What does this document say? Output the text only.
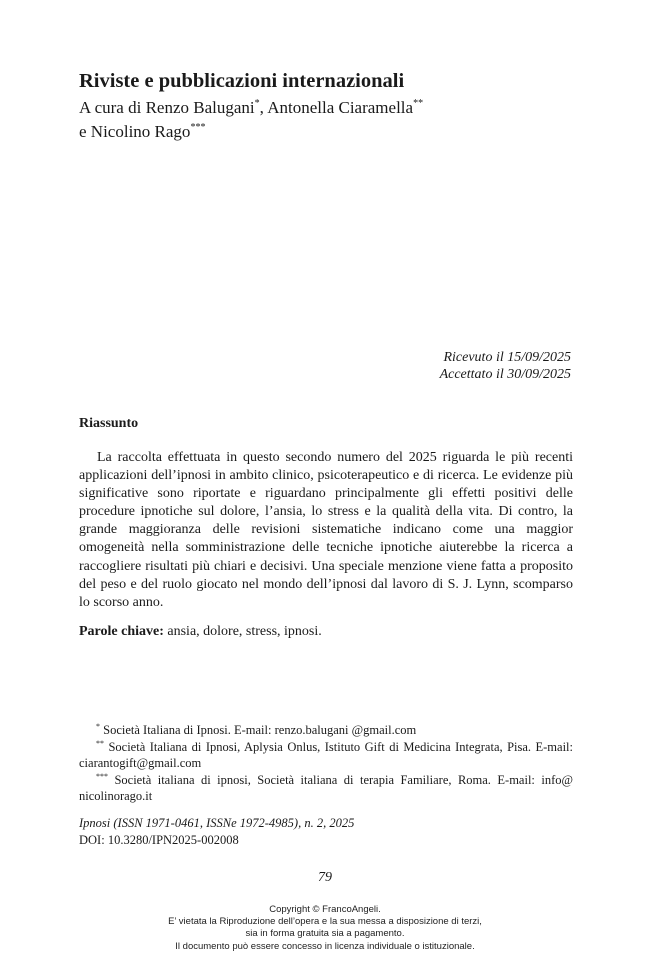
Riviste e pubblicazioni internazionali
A cura di Renzo Balugani*, Antonella Ciaramella**
e Nicolino Rago***
Ricevuto il 15/09/2025
Accettato il 30/09/2025
Riassunto

La raccolta effettuata in questo secondo numero del 2025 riguarda le più recenti applicazioni dell’ipnosi in ambito clinico, psicoterapeutico e di ricerca. Le evidenze più significative sono riportate e riguardano principalmente gli effetti positivi delle procedure ipnotiche sul dolore, l’ansia, lo stress e la qualità della vita. Di contro, la grande maggioranza delle revisioni sistematiche indicano come una maggior omogeneità nella somministrazione delle tecniche ipnotiche aiuterebbe la ricerca a raccogliere risultati più chiari e decisivi. Una speciale menzione viene fatta a proposito del peso e del ruolo giocato nel mondo dell’ipnosi dal lavoro di S. J. Lynn, scomparso lo scorso anno.

Parole chiave: ansia, dolore, stress, ipnosi.

* Società Italiana di Ipnosi. E-mail: renzo.balugani @gmail.com

** Società Italiana di Ipnosi, Aplysia Onlus, Istituto Gift di Medicina Integrata, Pisa. E-mail: ciarantogift@gmail.com

*** Società italiana di ipnosi, Società italiana di terapia Familiare, Roma. E-mail: info@ nicolinorago.it

Ipnosi (ISSN 1971-0461, ISSNe 1972-4985), n. 2, 2025
DOI: 10.3280/IPN2025-002008
79
Copyright © FrancoAngeli.
E’ vietata la Riproduzione dell’opera e la sua messa a disposizione di terzi,
sia in forma gratuita sia a pagamento.
Il documento può essere concesso in licenza individuale o istituzionale.
